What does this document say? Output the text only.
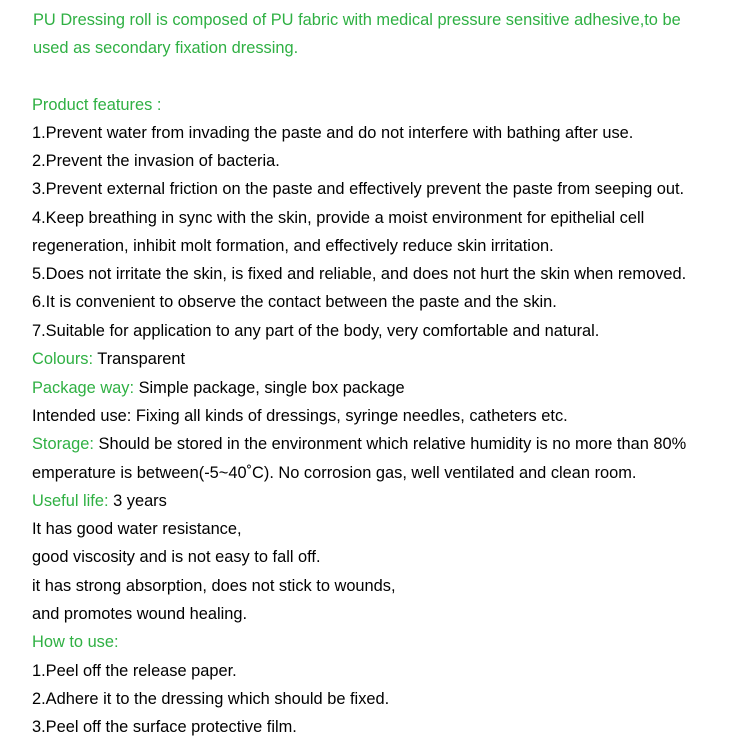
PU Dressing roll is composed of PU fabric with medical pressure sensitive adhesive,to be
used as secondary fixation dressing.
Product features :
1.Prevent water from invading the paste and do not interfere with bathing after use.
2.Prevent the invasion of bacteria.
3.Prevent external friction on the paste and effectively prevent the paste from seeping out.
4.Keep breathing in sync with the skin, provide a moist environment for epithelial cell
regeneration, inhibit molt formation, and effectively reduce skin irritation.
5.Does not irritate the skin, is fixed and reliable, and does not hurt the skin when removed.
6.It is convenient to observe the contact between the paste and the skin.
7.Suitable for application to any part of the body, very comfortable and natural.
Colours: Transparent
Package way: Simple package, single box package
Intended use: Fixing all kinds of dressings, syringe needles, catheters etc.
Storage: Should be stored in the environment which relative humidity is no more than 80%
emperature is between(-5~40˚C). No corrosion gas, well ventilated and clean room.
Useful life: 3 years
It has good water resistance,
good viscosity and is not easy to fall off.
it has strong absorption, does not stick to wounds,
and promotes wound healing.
How to use:
1.Peel off the release paper.
2.Adhere it to the dressing which should be fixed.
3.Peel off the surface protective film.
